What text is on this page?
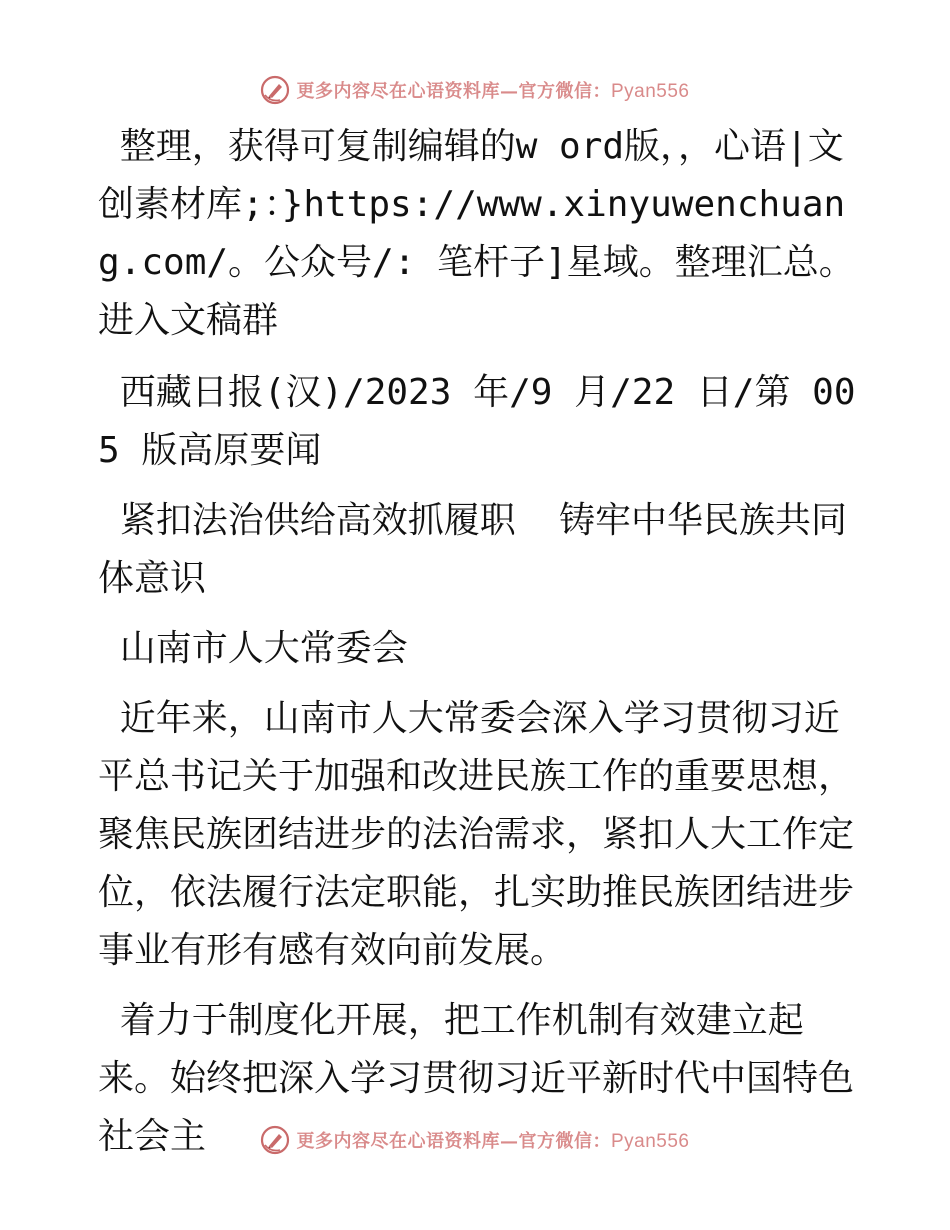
更多内容尽在心语资料库—官方微信：Pyan556

整理，获得可复制编辑的w ord版，，心语|文创素材库;：}https://www.xinyuwenchuang.com/。公众号/: 笔杆子]星域。整理汇总。进入文稿群

西藏日报(汉)/2023 年/9 月/22 日/第 005 版高原要闻

紧扣法治供给高效抓履职  铸牢中华民族共同体意识

山南市人大常委会

近年来，山南市人大常委会深入学习贯彻习近平总书记关于加强和改进民族工作的重要思想，聚焦民族团结进步的法治需求，紧扣人大工作定位，依法履行法定职能，扎实助推民族团结进步事业有形有感有效向前发展。

着力于制度化开展，把工作机制有效建立起来。始终把深入学习贯彻习近平新时代中国特色社会主	更多内容尽在心语资料库—官方微信：Pyan556
